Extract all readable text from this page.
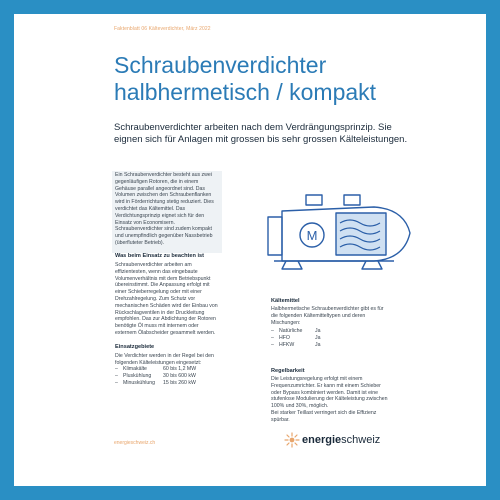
Faktenblatt 06 Kälteverdichter, März 2022
Schraubenverdichter
halbhermetisch / kompakt
Schraubenverdichter arbeiten nach dem Verdrängungsprinzip. Sie eignen sich für Anlagen mit grossen bis sehr grossen Kälteleistungen.
Ein Schraubenverdichter besteht aus zwei gegenläufigen Rotoren, die in einem Gehäuse parallel angeordnet sind. Das Volumen zwischen den Schraubenflanken wird in Förderrichtung stetig reduziert. Dies verdichtet das Kältemittel. Das Verdichtungsprinzip eignet sich für den Einsatz von Economisern. Schraubenverdichter sind zudem kompakt und unempfindlich gegenüber Nassbetrieb (überfluteter Betrieb).
Was beim Einsatz zu beachten ist
Schraubenverdichter arbeiten am effizientesten, wenn das eingebaute Volumenverhältnis mit dem Betriebspunkt übereinstimmt. Die Anpassung erfolgt mit einer Schieberregelung oder mit einer Drehzahlregelung. Zum Schutz vor mechanischen Schäden wird der Einbau von Rückschlagventilen in der Druckleitung empfohlen. Das zur Abdichtung der Rotoren benötigte Öl muss mit internem oder externem Ölabscheider gesammelt werden.
Einsatzgebiete
Die Verdichter werden in der Regel bei den folgenden Kälteleistungen eingesetzt:
– Klimakälte	60 bis 1,2 MW
– Pluskühlung	30 bis 600 kW
– Minuskühlung	15 bis 260 kW
M
Kältemittel
Halbhermetische Schraubenverdichter gibt es für die folgenden Kältemitteltypen und deren Mischungen:
– Natürliche	Ja
– HFO	Ja
– HFKW	Ja
Regelbarkeit
Die Leistungsregelung erfolgt mit einem Frequenzumrichter. Er kann mit einem Schieber oder Bypass kombiniert werden. Damit ist eine stufenlose Modulierung der Kälteleistung zwischen 100% und 30%, möglich.
Bei starker Teillast verringert sich die Effizienz spürbar.
energieschweiz.ch	energieschweiz
